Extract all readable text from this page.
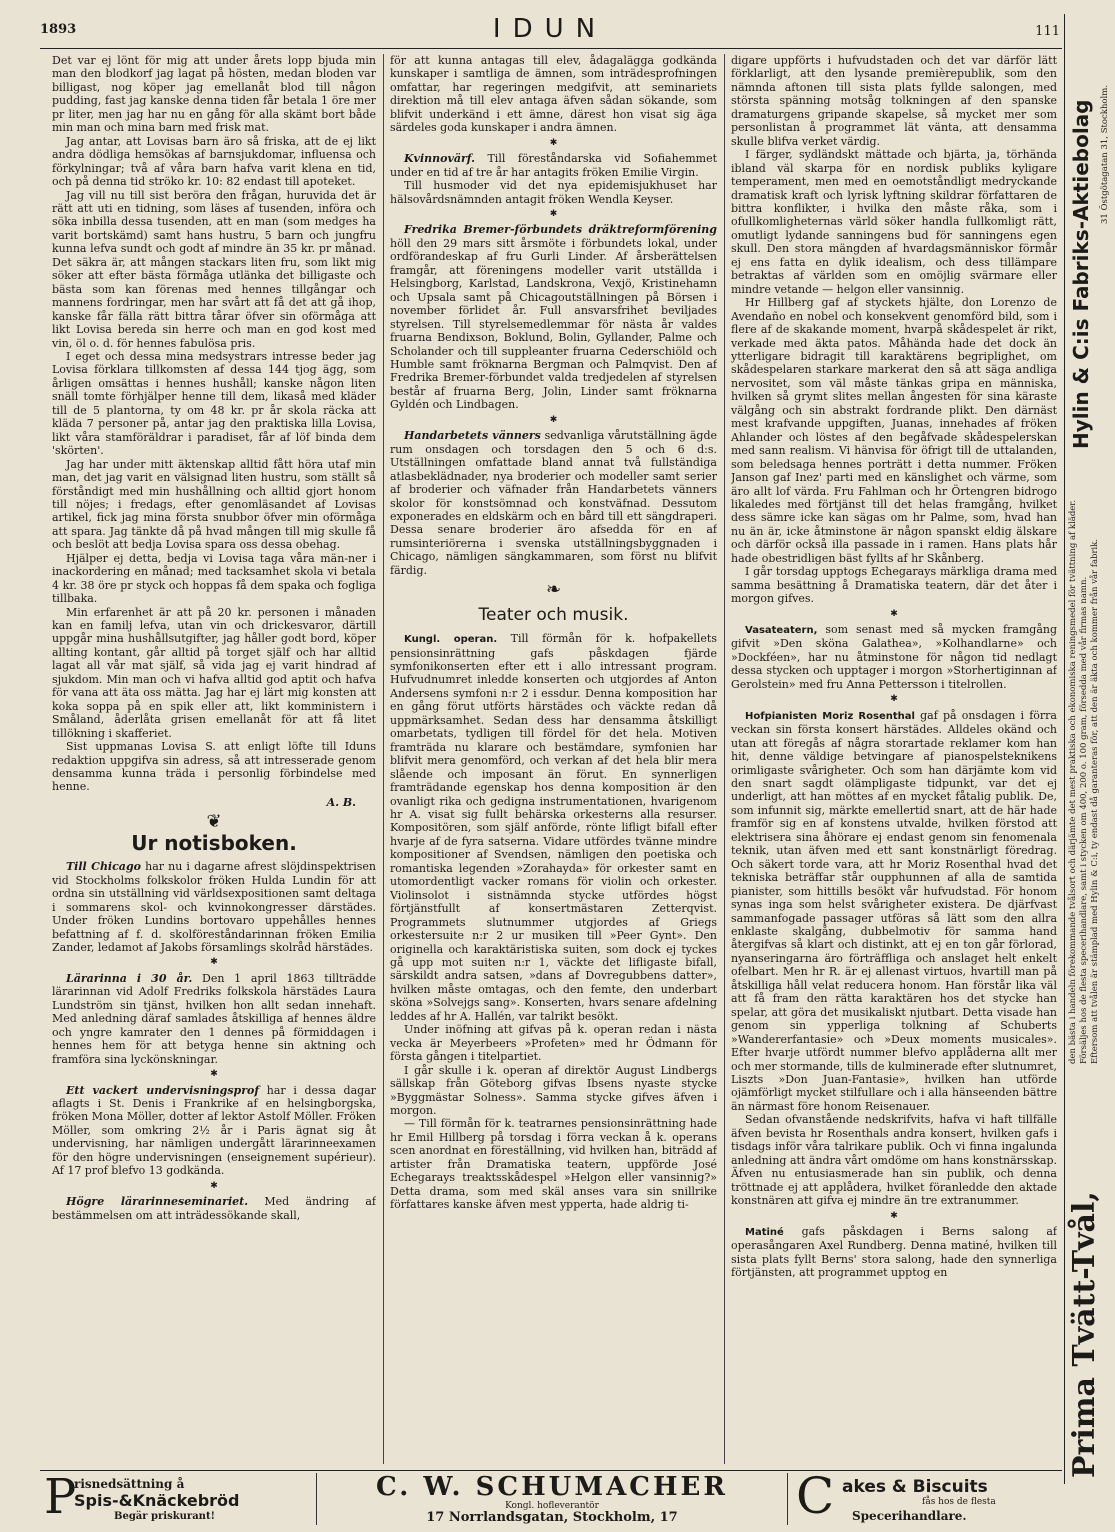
1893	IDUN	111

Det var ej lönt för mig att under årets lopp bjuda min man den blodkorf jag lagat på hösten, medan bloden var billigast, nog köper jag emellanåt blod till någon pudding, fast jag kanske denna tiden får betala 1 öre mer pr liter, men jag har nu en gång för alla skämt bort både min man och mina barn med frisk mat.

Jag antar, att Lovisas barn äro så friska, att de ej likt andra dödliga hemsökas af barnsjukdomar, influensa och förkylningar; två af våra barn hafva varit klena en tid, och på denna tid ströko kr. 10: 82 endast till apoteket.

Jag vill nu till sist beröra den frågan, huruvida det är rätt att uti en tidning, som läses af tusenden, införa och söka inbilla dessa tusenden, att en man (som medges ha varit bortskämd) samt hans hustru, 5 barn och jungfru kunna lefva sundt och godt af mindre än 35 kr. pr månad. Det säkra är, att mången stackars liten fru, som likt mig söker att efter bästa förmåga utlänka det billigaste och bästa som kan förenas med hennes tillgångar och mannens fordringar, men har svårt att få det att gå ihop, kanske får fälla rätt bittra tårar öfver sin oförmåga att likt Lovisa bereda sin herre och man en god kost med vin, öl o. d. för hennes fabulösa pris.

I eget och dessa mina medsystrars intresse beder jag Lovisa förklara tillkomsten af dessa 144 tjog ägg, som årligen omsättas i hennes hushåll; kanske någon liten snäll tomte förhjälper henne till dem, likaså med kläder till de 5 plantorna, ty om 48 kr. pr år skola räcka att kläda 7 personer på, antar jag den praktiska lilla Lovisa, likt våra stamföräldrar i paradiset, får af löf binda dem 'skörten'.

Jag har under mitt äktenskap alltid fått höra utaf min man, det jag varit en välsignad liten hustru, som ställt så förståndigt med min hushållning och alltid gjort honom till nöjes; i fredags, efter genomläsandet af Lovisas artikel, fick jag mina första snubbor öfver min oförmåga att spara. Jag tänkte då på hvad mången till mig skulle få och beslöt att bedja Lovisa spara oss dessa obehag.

Hjälper ej detta, bedja vi Lovisa taga våra män-ner i inackordering en månad; med tacksamhet skola vi betala 4 kr. 38 öre pr styck och hoppas få dem spaka och fogliga tillbaka.

Min erfarenhet är att på 20 kr. personen i månaden kan en familj lefva, utan vin och drickesvaror, därtill uppgår mina hushållsutgifter, jag håller godt bord, köper allting kontant, går alltid på torget själf och har alltid lagat all vår mat själf, så vida jag ej varit hindrad af sjukdom. Min man och vi hafva alltid god aptit och hafva för vana att äta oss mätta. Jag har ej lärt mig konsten att koka soppa på en spik eller att, likt komministern i Småland, åderlåta grisen emellanåt för att få litet tillökning i skafferiet.

Sist uppmanas Lovisa S. att enligt löfte till Iduns redaktion uppgifva sin adress, så att intresserade genom densamma kunna träda i personlig förbindelse med henne.

A. B.
❦
Ur notisboken.

Till Chicago har nu i dagarne afrest slöjdinspektrisen vid Stockholms folkskolor fröken Hulda Lundin för att ordna sin utställning vid världsexpositionen samt deltaga i sommarens skol- och kvinnokongresser därstädes. Under fröken Lundins bortovaro uppehålles hennes befattning af f. d. skolföreståndarinnan fröken Emilia Zander, ledamot af Jakobs församlings skolråd härstädes.

✱

Lärarinna i 30 år. Den 1 april 1863 tillträdde lärarinnan vid Adolf Fredriks folkskola härstädes Laura Lundström sin tjänst, hvilken hon allt sedan innehaft. Med anledning däraf samlades åtskilliga af hennes äldre och yngre kamrater den 1 dennes på förmiddagen i hennes hem för att betyga henne sin aktning och framföra sina lyckönskningar.

✱

Ett vackert undervisningsprof har i dessa dagar aflagts i St. Denis i Frankrike af en helsingborgska, fröken Mona Möller, dotter af lektor Astolf Möller. Fröken Möller, som omkring 2½ år i Paris ägnat sig åt undervisning, har nämligen undergått lärarinneexamen för den högre undervisningen (enseignement supérieur). Af 17 prof blefvo 13 godkända.

✱

Högre lärarinneseminariet. Med ändring af bestämmelsen om att inträdessökande skall,

för att kunna antagas till elev, ådagalägga godkända kunskaper i samtliga de ämnen, som inträdesprofningen omfattar, har regeringen medgifvit, att seminariets direktion må till elev antaga äfven sådan sökande, som blifvit underkänd i ett ämne, därest hon visat sig äga särdeles goda kunskaper i andra ämnen.

✱

Kvinnovärf. Till föreståndarska vid Sofiahemmet under en tid af tre år har antagits fröken Emilie Virgin.

Till husmoder vid det nya epidemisjukhuset har hälsovårdsnämnden antagit fröken Wendla Keyser.

✱

Fredrika Bremer-förbundets dräktreformförening höll den 29 mars sitt årsmöte i förbundets lokal, under ordförandeskap af fru Gurli Linder. Af årsberättelsen framgår, att föreningens modeller varit utställda i Helsingborg, Karlstad, Landskrona, Vexjö, Kristinehamn och Upsala samt på Chicagoutställningen på Börsen i november förlidet år. Full ansvarsfrihet beviljades styrelsen. Till styrelsemedlemmar för nästa år valdes fruarna Bendixson, Boklund, Bolin, Gyllander, Palme och Scholander och till suppleanter fruarna Cederschiöld och Humble samt fröknarna Bergman och Palmqvist. Den af Fredrika Bremer-förbundet valda tredjedelen af styrelsen består af fruarna Berg, Jolin, Linder samt fröknarna Gyldén och Lindbagen.

✱

Handarbetets vänners sedvanliga vårutställning ägde rum onsdagen och torsdagen den 5 och 6 d:s. Utställningen omfattade bland annat två fullständiga atlasbeklädnader, nya broderier och modeller samt serier af broderier och väfnader från Handarbetets vänners skolor för konstsömnad och konstväfnad. Dessutom exponerades en eldskärm och en bård till ett sängdraperi. Dessa senare broderier äro afsedda för en af rumsinteriörerna i svenska utställningsbyggnaden i Chicago, nämligen sängkammaren, som först nu blifvit färdig.

❧
Teater och musik.

Kungl. operan. Till förmån för k. hofpakellets pensionsinrättning gafs påskdagen fjärde symfonikonserten efter ett i allo intressant program. Hufvudnumret inledde konserten och utgjordes af Anton Andersens symfoni n:r 2 i essdur. Denna komposition har en gång förut utförts härstädes och väckte redan då uppmärksamhet. Sedan dess har densamma åtskilligt omarbetats, tydligen till fördel för det hela. Motiven framträda nu klarare och bestämdare, symfonien har blifvit mera genomförd, och verkan af det hela blir mera slående och imposant än förut. En synnerligen framträdande egenskap hos denna komposition är den ovanligt rika och gedigna instrumentationen, hvarigenom hr A. visat sig fullt behärska orkesterns alla resurser. Kompositören, som själf anförde, rönte lifligt bifall efter hvarje af de fyra satserna. Vidare utfördes tvänne mindre kompositioner af Svendsen, nämligen den poetiska och romantiska legenden »Zorahayda» för orkester samt en utomordentligt vacker romans för violin och orkester. Violinsolot i sistnämnda stycke utfördes högst förtjänstfullt af konsertmästaren Zetterqvist. Programmets slutnummer utgjordes af Griegs orkestersuite n:r 2 ur musiken till »Peer Gynt». Den originella och karaktäristiska suiten, som dock ej tyckes gå upp mot suiten n:r 1, väckte det lifligaste bifall, särskildt andra satsen, »dans af Dovregubbens datter», hvilken måste omtagas, och den femte, den underbart sköna »Solvejgs sang». Konserten, hvars senare afdelning leddes af hr A. Hallén, var talrikt besökt.

Under inöfning att gifvas på k. operan redan i nästa vecka är Meyerbeers »Profeten» med hr Ödmann för första gången i titelpartiet.

I går skulle i k. operan af direktör August Lindbergs sällskap från Göteborg gifvas Ibsens nyaste stycke »Byggmästar Solness». Samma stycke gifves äfven i morgon.

— Till förmån för k. teatrarnes pensionsinrättning hade hr Emil Hillberg på torsdag i förra veckan å k. operans scen anordnat en föreställning, vid hvilken han, biträdd af artister från Dramatiska teatern, uppförde José Echegarays treaktsskådespel »Helgon eller vansinnig?» Detta drama, som med skäl anses vara sin snillrike författares kanske äfven mest ypperta, hade aldrig ti-

digare uppförts i hufvudstaden och det var därför lätt förklarligt, att den lysande premièrepublik, som den nämnda aftonen till sista plats fyllde salongen, med största spänning motsåg tolkningen af den spanske dramaturgens gripande skapelse, så mycket mer som personlistan å programmet lät vänta, att densamma skulle blifva verket värdig.

I färger, sydländskt mättade och bjärta, ja, törhända ibland väl skarpa för en nordisk publiks kyligare temperament, men med en oemotståndligt medryckande dramatisk kraft och lyrisk lyftning skildrar författaren de bittra konflikter, i hvilka den måste råka, som i ofullkomligheternas värld söker handla fullkomligt rätt, omutligt lydande sanningens bud för sanningens egen skull. Den stora mängden af hvardagsmänniskor förmår ej ens fatta en dylik idealism, och dess tillämpare betraktas af världen som en omöjlig svärmare eller mindre vetande — helgon eller vansinnig.

Hr Hillberg gaf af styckets hjälte, don Lorenzo de Avendaño en nobel och konsekvent genomförd bild, som i flere af de skakande moment, hvarpå skådespelet är rikt, verkade med äkta patos. Måhända hade det dock än ytterligare bidragit till karaktärens begriplighet, om skådespelaren starkare markerat den så att säga andliga nervositet, som väl måste tänkas gripa en människa, hvilken så grymt slites mellan ångesten för sina käraste välgång och sin abstrakt fordrande plikt. Den därnäst mest krafvande uppgiften, Juanas, innehades af fröken Ahlander och löstes af den begåfvade skådespelerskan med sann realism. Vi hänvisa för öfrigt till de uttalanden, som beledsaga hennes porträtt i detta nummer. Fröken Janson gaf Inez' parti med en känslighet och värme, som äro allt lof värda. Fru Fahlman och hr Örtengren bidrogo likaledes med förtjänst till det helas framgång, hvilket dess sämre icke kan sägas om hr Palme, som, hvad han nu än är, icke åtminstone är någon spanskt eldig älskare och därför också illa passade in i ramen. Hans plats hår hade obestridligen bäst fyllts af hr Skånberg.

I går torsdag upptogs Echegarays märkliga drama med samma besättning å Dramatiska teatern, där det åter i morgon gifves.

✱

Vasateatern, som senast med så mycken framgång gifvit »Den sköna Galathea», »Kolhandlarne» och »Dockféen», har nu åtminstone för någon tid nedlagt dessa stycken och upptager i morgon »Storhertiginnan af Gerolstein» med fru Anna Pettersson i titelrollen.

✱

Hofpianisten Moriz Rosenthal gaf på onsdagen i förra veckan sin första konsert härstädes. Alldeles okänd och utan att föregås af några storartade reklamer kom han hit, denne väldige betvingare af pianospelsteknikens orimligaste svårigheter. Och som han därjämte kom vid den snart sagdt olämpligaste tidpunkt, var det ej underligt, att han möttes af en mycket fåtalig publik. De, som infunnit sig, märkte emellertid snart, att de här hade framför sig en af konstens utvalde, hvilken förstod att elektrisera sina åhörare ej endast genom sin fenomenala teknik, utan äfven med ett sant konstnärligt föredrag. Och säkert torde vara, att hr Moriz Rosenthal hvad det tekniska beträffar står oupphunnen af alla de samtida pianister, som hittills besökt vår hufvudstad. För honom synas inga som helst svårigheter existera. De djärfvast sammanfogade passager utföras så lätt som den allra enklaste skalgång, dubbelmotiv för samma hand återgifvas så klart och distinkt, att ej en ton går förlorad, nyanseringarna äro förträffliga och anslaget helt enkelt ofelbart. Men hr R. är ej allenast virtuos, hvartill man på åtskilliga håll velat reducera honom. Han förstår lika väl att få fram den rätta karaktären hos det stycke han spelar, att göra det musikaliskt njutbart. Detta visade han genom sin ypperliga tolkning af Schuberts »Wandererfantasie» och »Deux moments musicales». Efter hvarje utfördt nummer blefvo applåderna allt mer och mer stormande, tills de kulminerade efter slutnumret, Liszts »Don Juan-Fantasie», hvilken han utförde ojämförligt mycket stilfullare och i alla hänseenden bättre än närmast före honom Reisenauer.

Sedan ofvanstående nedskrifvits, hafva vi haft tillfälle äfven bevista hr Rosenthals andra konsert, hvilken gafs i tisdags inför våra talrikare publik. Och vi finna ingalunda anledning att ändra vårt omdöme om hans konstnärsskap. Äfven nu entusiasmerade han sin publik, och denna tröttnade ej att applådera, hvilket föranledde den aktade konstnären att gifva ej mindre än tre extranummer.

✱

Matiné gafs påskdagen i Berns salong af operasångaren Axel Rundberg. Denna matiné, hvilken till sista plats fyllt Berns' stora salong, hade den synnerliga förtjänsten, att programmet upptog en	Prima Tvätt-Tvål,
den bästa i handeln förekommande tvålsort och därjämte det mest praktiska och ekonomiska reningsmedel för tvättning af kläder. Försäljes hos de flesta specerihandlare, samt i stycken om 400, 200 o. 100 gram, försedda med vår firmas namn. Eftersom att tvålen är stämplad med Hylin & C:i, ty endast då garanteras för, att den är äkta och kommer från vår fabrik.
Hylin & C:is Fabriks-Aktiebolag 31 Östgötagatan 31, Stockholm.
P
risnedsättning å
Spis-&Knäckebröd
Begär priskurant!
C. W. SCHUMACHER
Kongl. hofleverantör
17 Norrlandsgatan, Stockholm, 17	C akes & Biscuits
fås hos de flesta
Specerihandlare.
